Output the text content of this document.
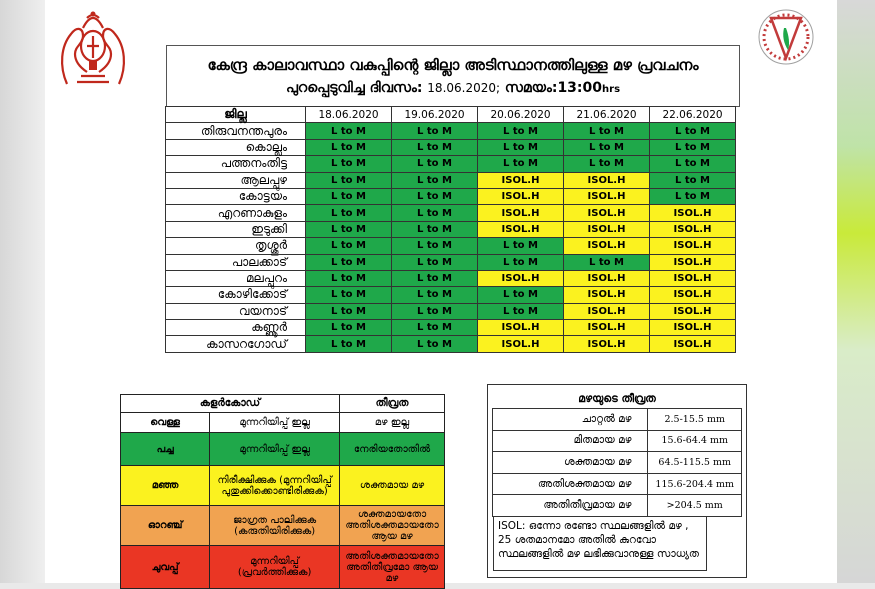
കേന്ദ്ര കാലാവസ്ഥാ വകുപ്പിന്റെ ജില്ലാ അടിസ്ഥാനത്തിലുള്ള മഴ പ്രവചനം
പുറപ്പെടുവിച്ച ദിവസം: 18.06.2020; സമയം:13:00hrs
ജില്ല	18.06.2020	19.06.2020	20.06.2020	21.06.2020	22.06.2020
തിരുവനന്തപുരം	L to M	L to M	L to M	L to M	L to M
കൊല്ലം	L to M	L to M	L to M	L to M	L to M
പത്തനംതിട്ട	L to M	L to M	L to M	L to M	L to M
ആലപ്പുഴ	L to M	L to M	ISOL.H	ISOL.H	L to M
കോട്ടയം	L to M	L to M	ISOL.H	ISOL.H	L to M
എറണാകുളം	L to M	L to M	ISOL.H	ISOL.H	ISOL.H
ഇടുക്കി	L to M	L to M	ISOL.H	ISOL.H	ISOL.H
തൃശ്ശൂർ	L to M	L to M	L to M	ISOL.H	ISOL.H
പാലക്കാട്	L to M	L to M	L to M	L to M	ISOL.H
മലപ്പുറം	L to M	L to M	ISOL.H	ISOL.H	ISOL.H
കോഴിക്കോട്	L to M	L to M	L to M	ISOL.H	ISOL.H
വയനാട്	L to M	L to M	L to M	ISOL.H	ISOL.H
കണ്ണൂർ	L to M	L to M	ISOL.H	ISOL.H	ISOL.H
കാസറഗോഡ്	L to M	L to M	ISOL.H	ISOL.H	ISOL.H
കളർകോഡ്		തീവ്രത
വെള്ള	മുന്നറിയിപ്പ് ഇല്ല	മഴ ഇല്ല
പച്ച	മുന്നറിയിപ്പ് ഇല്ല	നേരിയതോതിൽ
മഞ്ഞ	നിരീക്ഷിക്കുക (മുന്നറിയിപ്പ് പുതുക്കിക്കൊണ്ടിരിക്കുക)	ശക്തമായ മഴ
ഓറഞ്ച്	ജാഗ്രത പാലിക്കുക (കരുതിയിരിക്കുക)	ശക്തമായതോ അതിശക്തമായതോ ആയ മഴ
ചുവപ്പ്	മുന്നറിയിപ്പ് (പ്രവർത്തിക്കുക)	അതിശക്തമായതോ അതിതീവ്രമോ ആയ മഴ
മഴയുടെ തീവ്രത
ചാറ്റൽ മഴ	2.5-15.5 mm
മിതമായ മഴ	15.6-64.4 mm
ശക്തമായ മഴ	64.5-115.5 mm
അതിശക്തമായ മഴ	115.6-204.4 mm
അതിതീവ്രമായ മഴ	>204.5 mm
ISOL: ഒന്നോ രണ്ടോ സ്ഥലങ്ങളിൽ മഴ , 25 ശതമാനമോ അതിൽ കുറവോ സ്ഥലങ്ങളിൽ മഴ ലഭിക്കുവാനുള്ള സാധ്യത
